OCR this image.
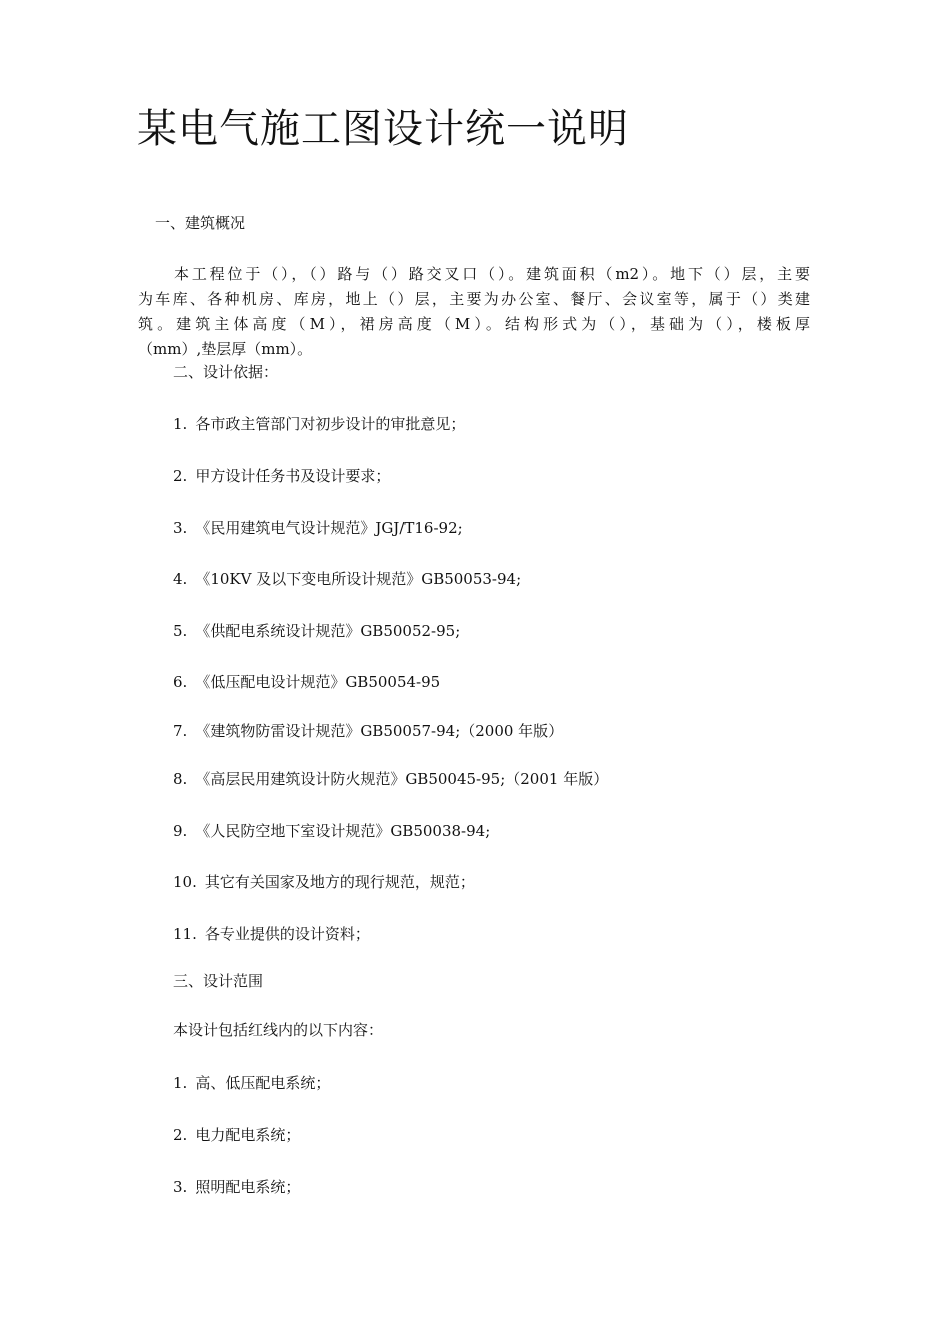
某电气施工图设计统一说明
一、建筑概况
本工程位于（），（）路与（）路交叉口（）。建筑面积（m2）。地下（）层，主要
为车库、各种机房、库房，地上（）层，主要为办公室、餐厅、会议室等，属于（）类建
筑。建筑主体高度（M），裙房高度（M）。结构形式为（），基础为（），楼板厚
（mm）,垫层厚（mm）。
二、设计依据：
1. 各市政主管部门对初步设计的审批意见；
2. 甲方设计任务书及设计要求；
3. 《民用建筑电气设计规范》JGJ/T16-92;
4. 《10KV 及以下变电所设计规范》GB50053-94;
5. 《供配电系统设计规范》GB50052-95;
6. 《低压配电设计规范》GB50054-95
7. 《建筑物防雷设计规范》GB50057-94;（2000 年版）
8. 《高层民用建筑设计防火规范》GB50045-95;（2001 年版）
9. 《人民防空地下室设计规范》GB50038-94;
10. 其它有关国家及地方的现行规范，规范；
11. 各专业提供的设计资料；
三、设计范围
本设计包括红线内的以下内容：
1. 高、低压配电系统；
2. 电力配电系统；
3. 照明配电系统；
